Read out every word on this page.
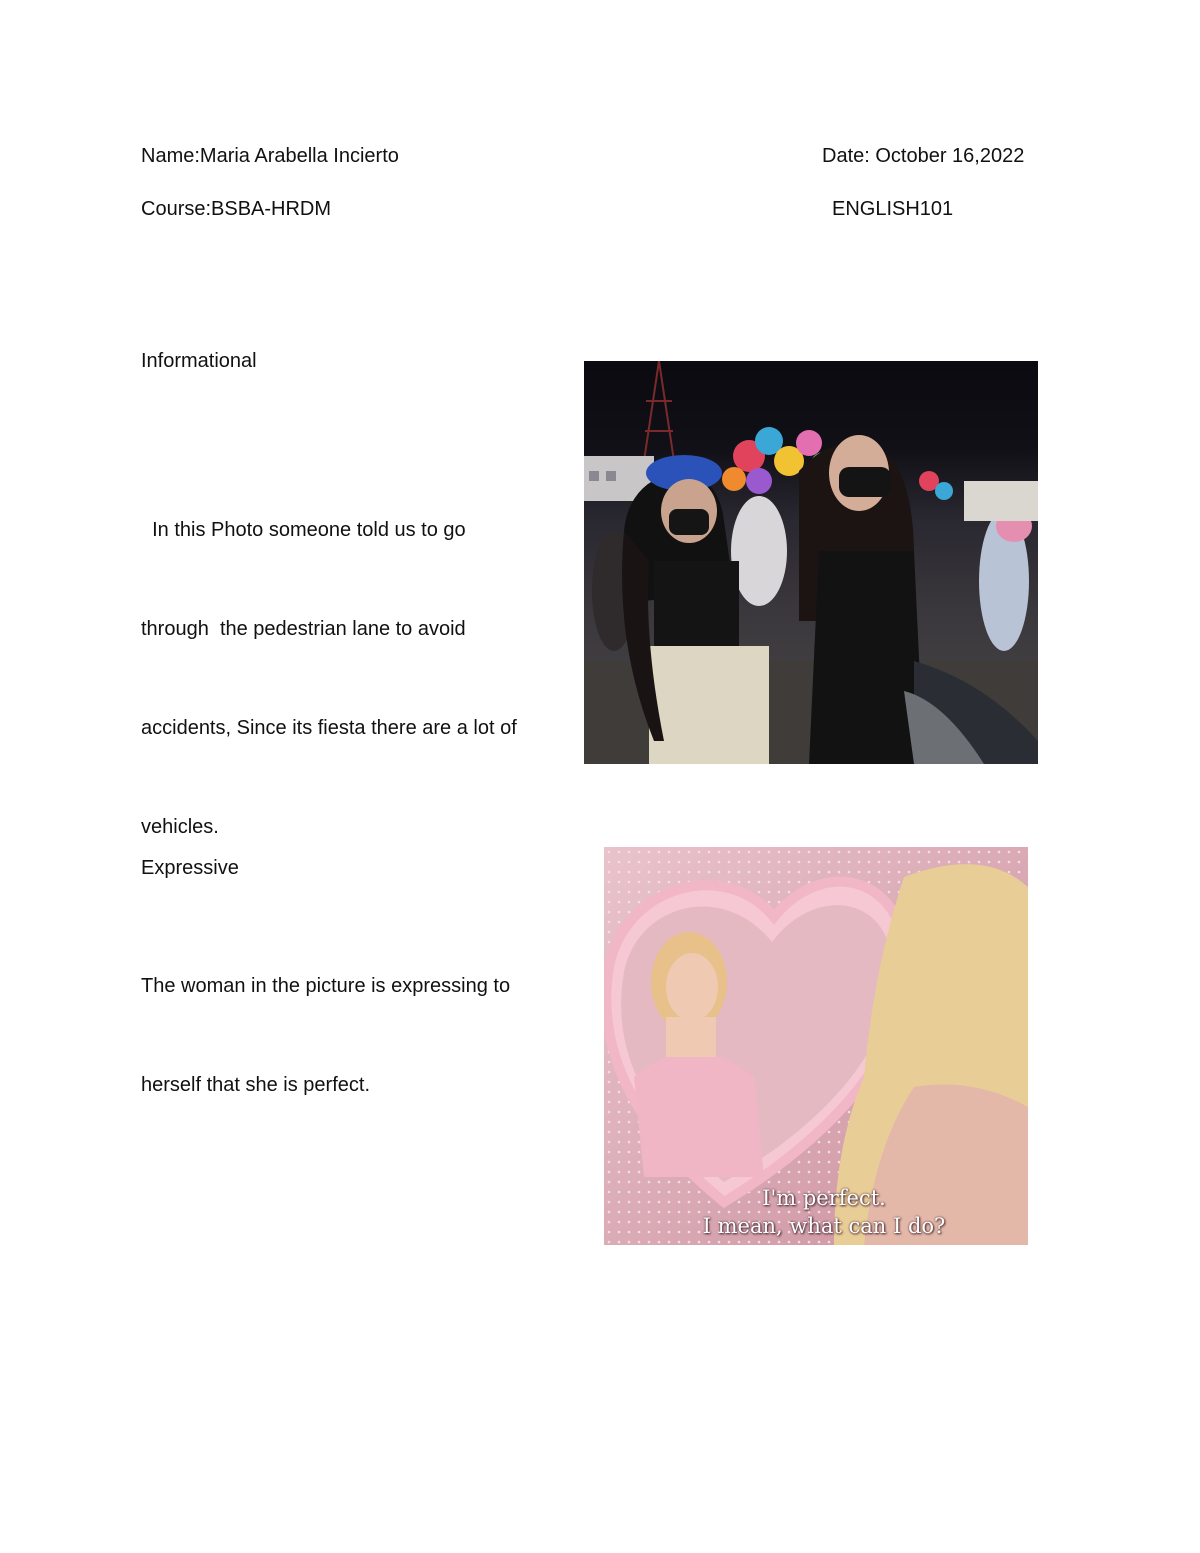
Name:Maria Arabella Incierto	Date: October 16,2022
Course:BSBA-HRDM	ENGLISH101
Informational

In this Photo someone told us to go

through  the pedestrian lane to avoid

accidents, Since its fiesta there are a lot of

vehicles.

Expressive

The woman in the picture is expressing to

herself that she is perfect.

I'm perfect.
I mean, what can I do?
